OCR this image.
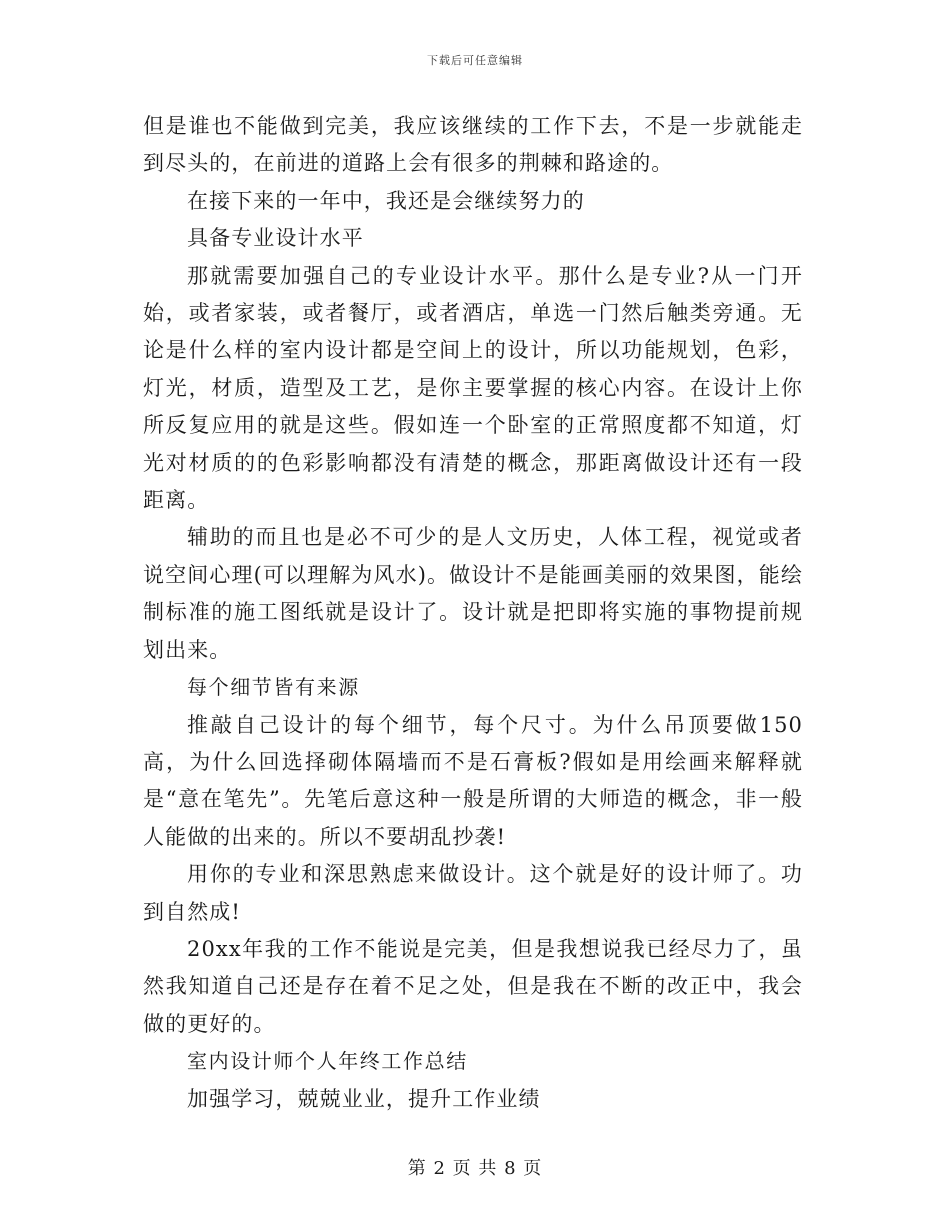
下载后可任意编辑

但是谁也不能做到完美，我应该继续的工作下去，不是一步就能走到尽头的，在前进的道路上会有很多的荆棘和路途的。

在接下来的一年中，我还是会继续努力的

具备专业设计水平

那就需要加强自己的专业设计水平。那什么是专业?从一门开始，或者家装，或者餐厅，或者酒店，单选一门然后触类旁通。无论是什么样的室内设计都是空间上的设计，所以功能规划，色彩，灯光，材质，造型及工艺，是你主要掌握的核心内容。在设计上你所反复应用的就是这些。假如连一个卧室的正常照度都不知道，灯光对材质的的色彩影响都没有清楚的概念，那距离做设计还有一段距离。

辅助的而且也是必不可少的是人文历史，人体工程，视觉或者说空间心理(可以理解为风水)。做设计不是能画美丽的效果图，能绘制标准的施工图纸就是设计了。设计就是把即将实施的事物提前规划出来。

每个细节皆有来源

推敲自己设计的每个细节，每个尺寸。为什么吊顶要做150高，为什么回选择砌体隔墙而不是石膏板?假如是用绘画来解释就是“意在笔先”。先笔后意这种一般是所谓的大师造的概念，非一般人能做的出来的。所以不要胡乱抄袭!

用你的专业和深思熟虑来做设计。这个就是好的设计师了。功到自然成!

20xx年我的工作不能说是完美，但是我想说我已经尽力了，虽然我知道自己还是存在着不足之处，但是我在不断的改正中，我会做的更好的。

室内设计师个人年终工作总结

加强学习，兢兢业业，提升工作业绩

第 2 页 共 8 页
